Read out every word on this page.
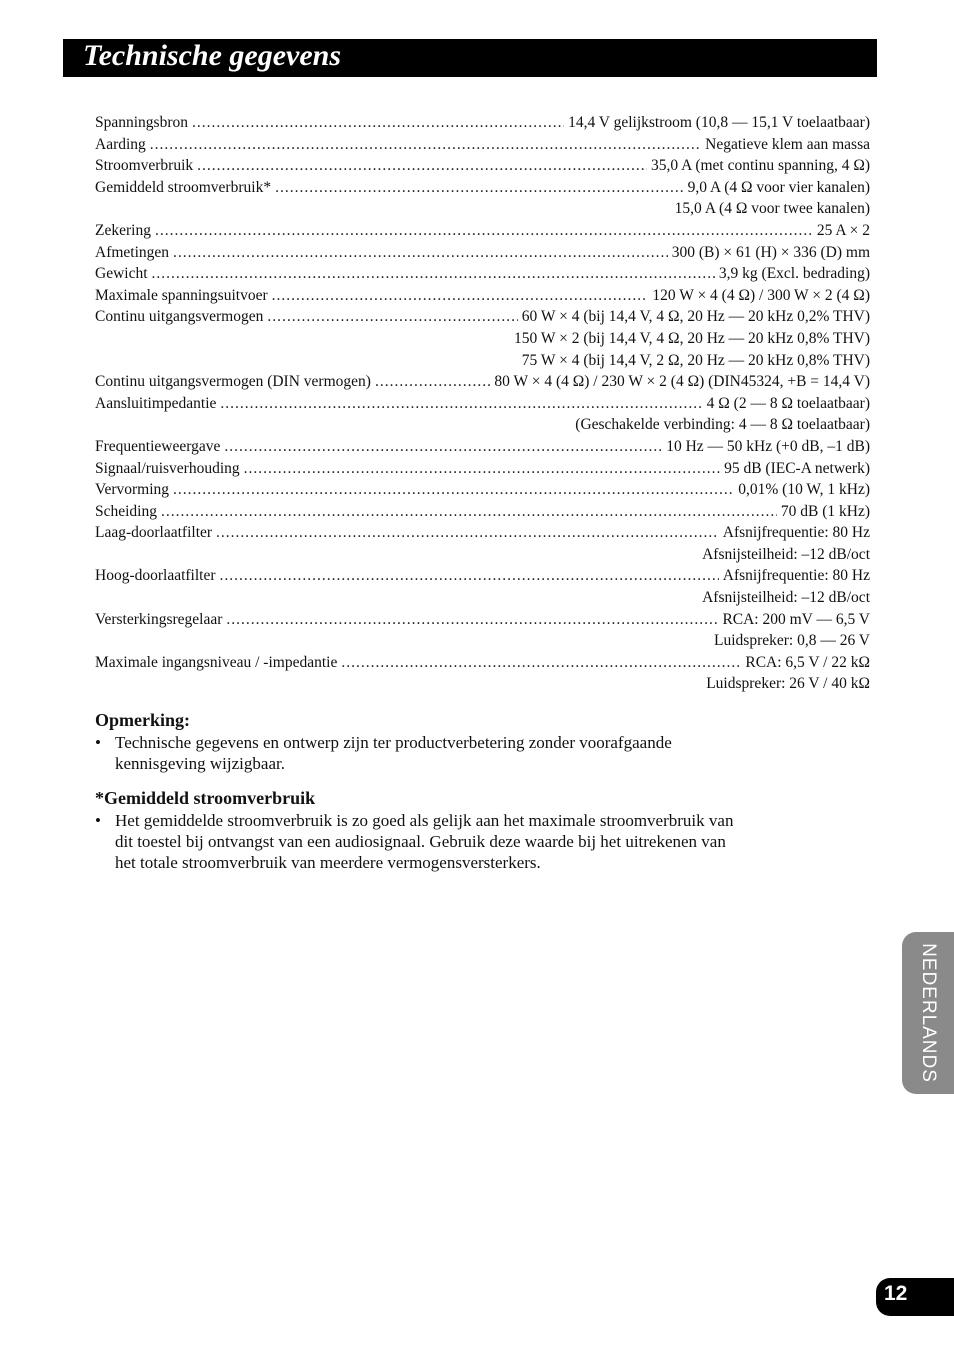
Technische gegevens
Spanningsbron .....	14,4 V gelijkstroom (10,8 — 15,1 V toelaatbaar)
Aarding .....	Negatieve klem aan massa
Stroomverbruik .....	35,0 A (met continu spanning, 4 Ω)
Gemiddeld stroomverbruik* .....	9,0 A (4 Ω voor vier kanalen)
15,0 A (4 Ω voor twee kanalen)
Zekering .....	25 A × 2
Afmetingen .....	300 (B) × 61 (H) × 336 (D) mm
Gewicht .....	3,9 kg (Excl. bedrading)
Maximale spanningsuitvoer .....	120 W × 4 (4 Ω) / 300 W × 2 (4 Ω)
Continu uitgangsvermogen .....	60 W × 4 (bij 14,4 V, 4 Ω, 20 Hz — 20 kHz 0,2% THV)
150 W × 2 (bij 14,4 V, 4 Ω, 20 Hz — 20 kHz 0,8% THV)
75 W × 4 (bij 14,4 V, 2 Ω, 20 Hz — 20 kHz 0,8% THV)
Continu uitgangsvermogen (DIN vermogen) .....	80 W × 4 (4 Ω) / 230 W × 2 (4 Ω) (DIN45324, +B = 14,4 V)
Aansluitimpedantie .....	4 Ω (2 — 8 Ω toelaatbaar)
(Geschakelde verbinding: 4 — 8 Ω toelaatbaar)
Frequentieweergave .....	10 Hz — 50 kHz (+0 dB, –1 dB)
Signaal/ruisverhouding .....	95 dB (IEC-A netwerk)
Vervorming .....	0,01% (10 W, 1 kHz)
Scheiding .....	70 dB (1 kHz)
Laag-doorlaatfilter .....	Afsnijfrequentie: 80 Hz
Afsnijsteilheid: –12 dB/oct
Hoog-doorlaatfilter .....	Afsnijfrequentie: 80 Hz
Afsnijsteilheid: –12 dB/oct
Versterkingsregelaar .....	RCA: 200 mV — 6,5 V
Luidspreker: 0,8 — 26 V
Maximale ingangsniveau / -impedantie .....	RCA: 6,5 V / 22 kΩ
Luidspreker: 26 V / 40 kΩ
Opmerking:
• Technische gegevens en ontwerp zijn ter productverbetering zonder voorafgaande kennisgeving wijzigbaar.
*Gemiddeld stroomverbruik
• Het gemiddelde stroomverbruik is zo goed als gelijk aan het maximale stroomverbruik van dit toestel bij ontvangst van een audiosignaal. Gebruik deze waarde bij het uitrekenen van het totale stroomverbruik van meerdere vermogensversterkers.
NEDERLANDS
12
